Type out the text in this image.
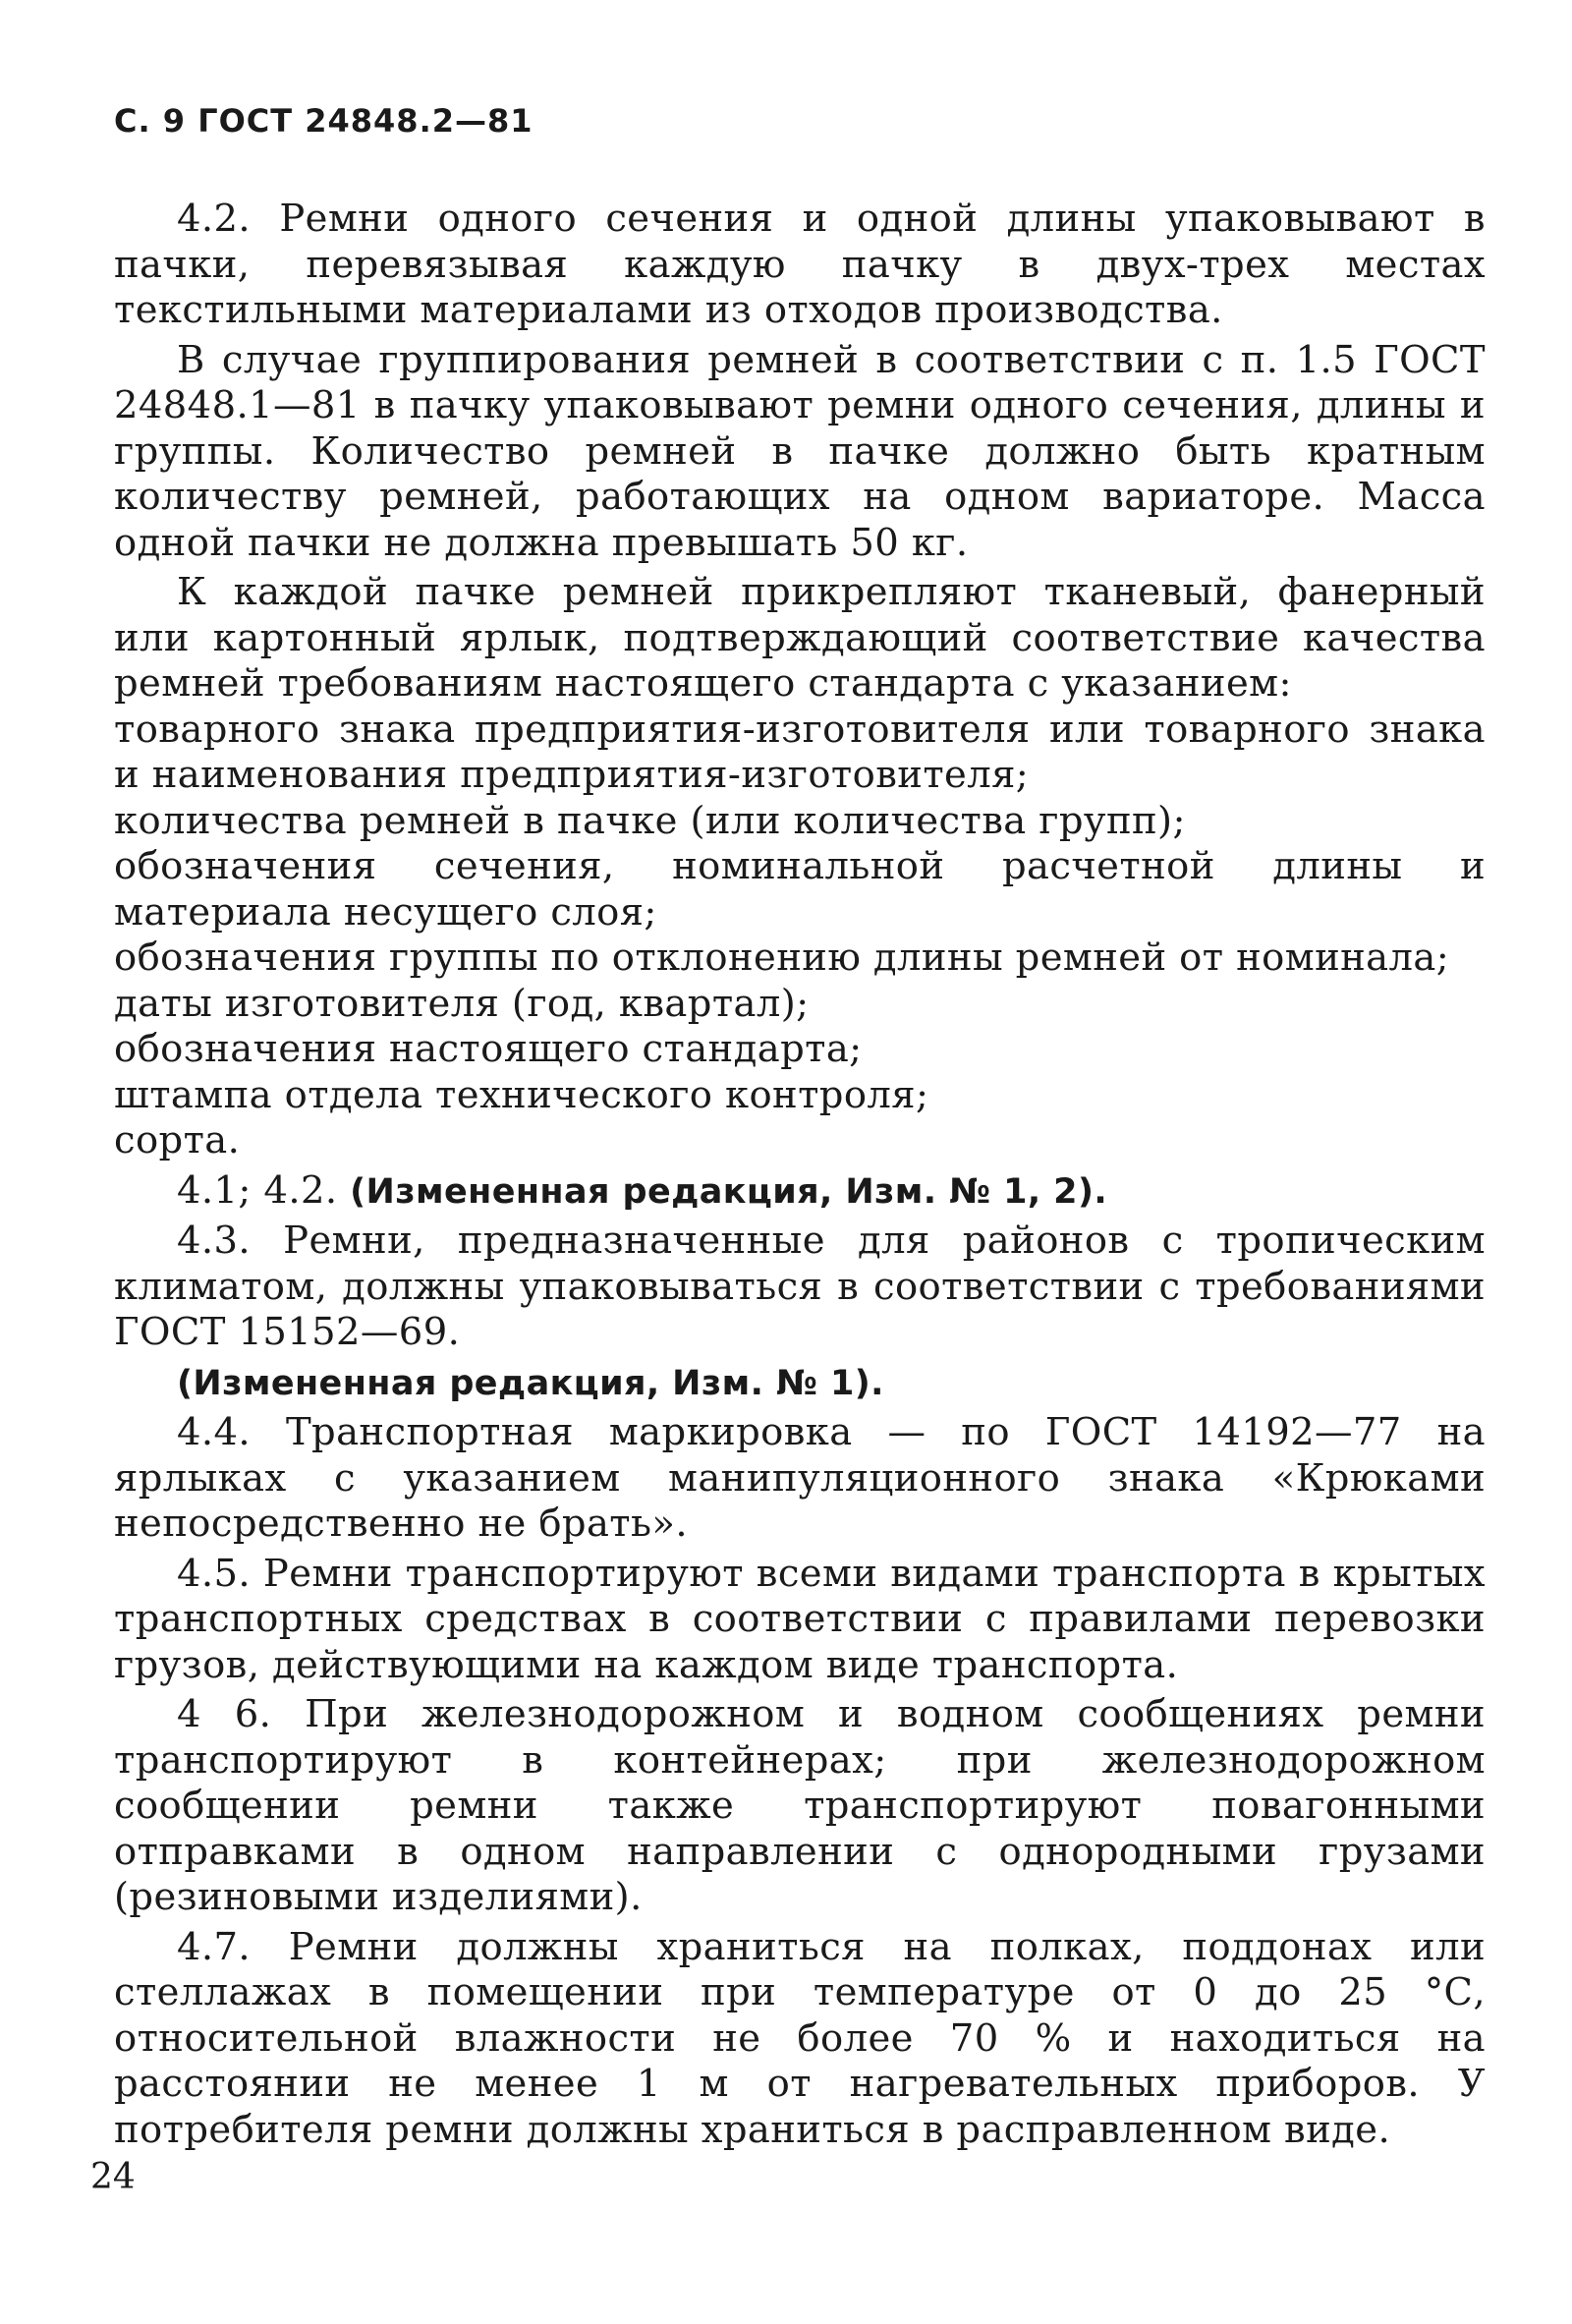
С. 9 ГОСТ 24848.2—81

4.2. Ремни одного сечения и одной длины упаковывают в пачки, перевязывая каждую пачку в двух-трех местах текстильными материалами из отходов производства.

В случае группирования ремней в соответствии с п. 1.5 ГОСТ 24848.1—81 в пачку упаковывают ремни одного сечения, длины и группы. Количество ремней в пачке должно быть кратным количеству ремней, работающих на одном вариаторе. Масса одной пачки не должна превышать 50 кг.

К каждой пачке ремней прикрепляют тканевый, фанерный или картонный ярлык, подтверждающий соответствие качества ремней требованиям настоящего стандарта с указанием:

товарного знака предприятия-изготовителя или товарного знака и наименования предприятия-изготовителя;

количества ремней в пачке (или количества групп);

обозначения сечения, номинальной расчетной длины и материала несущего слоя;

обозначения группы по отклонению длины ремней от номинала;

даты изготовителя (год, квартал);

обозначения настоящего стандарта;

штампа отдела технического контроля;

сорта.

4.1; 4.2. (Измененная редакция, Изм. № 1, 2).

4.3. Ремни, предназначенные для районов с тропическим климатом, должны упаковываться в соответствии с требованиями ГОСТ 15152—69.

(Измененная редакция, Изм. № 1).

4.4. Транспортная маркировка — по ГОСТ 14192—77 на ярлыках с указанием манипуляционного знака «Крюками непосредственно не брать».

4.5. Ремни транспортируют всеми видами транспорта в крытых транспортных средствах в соответствии с правилами перевозки грузов, действующими на каждом виде транспорта.

4 6. При железнодорожном и водном сообщениях ремни транспортируют в контейнерах; при железнодорожном сообщении ремни также транспортируют повагонными отправками в одном направлении с однородными грузами (резиновыми изделиями).

4.7. Ремни должны храниться на полках, поддонах или стеллажах в помещении при температуре от 0 до 25 °С, относительной влажности не более 70 % и находиться на расстоянии не менее 1 м от нагревательных приборов. У потребителя ремни должны храниться в расправленном виде.

24
